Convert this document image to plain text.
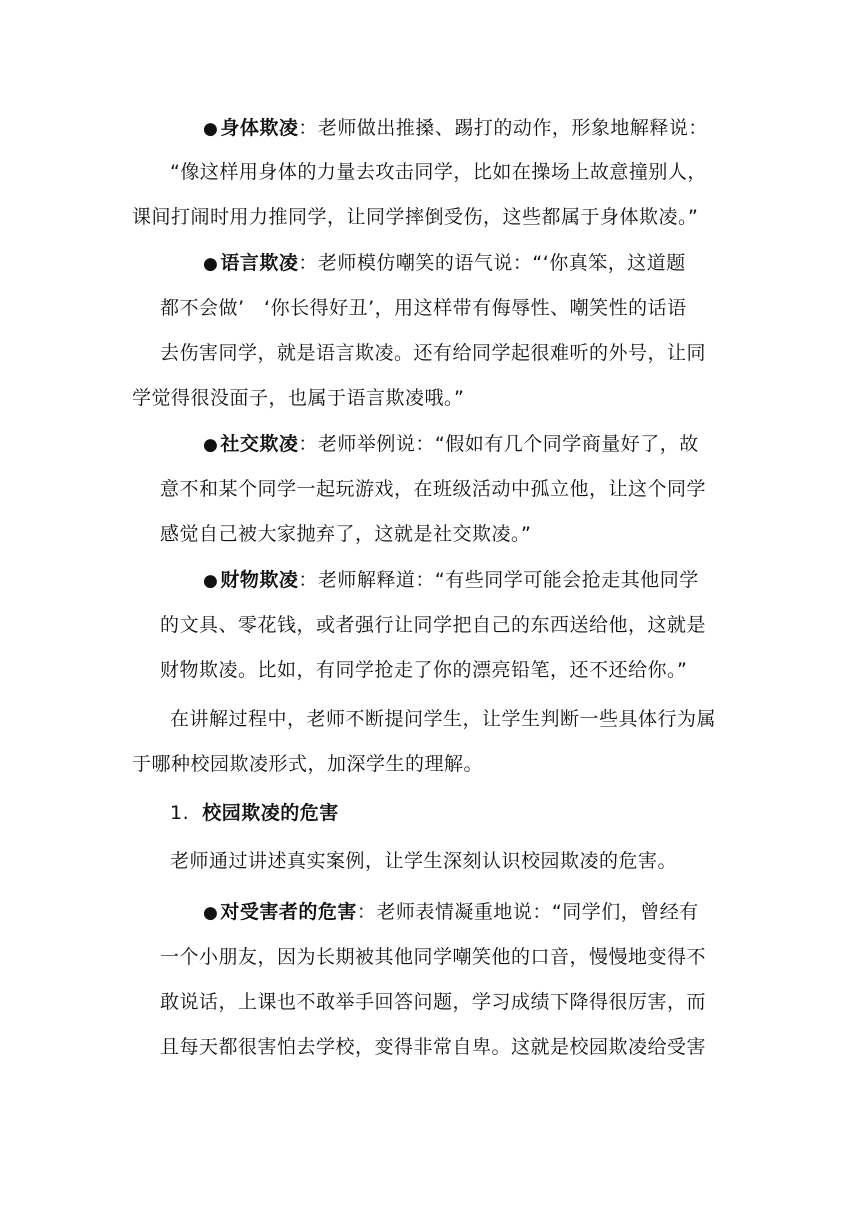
● 身体欺凌：老师做出推搡、踢打的动作，形象地解释说：
“像这样用身体的力量去攻击同学，比如在操场上故意撞别人，
课间打闹时用力推同学，让同学摔倒受伤，这些都属于身体欺凌。”
● 语言欺凌：老师模仿嘲笑的语气说：“‘你真笨，这道题
都不会做’　‘你长得好丑’，用这样带有侮辱性、嘲笑性的话语
去伤害同学，就是语言欺凌。还有给同学起很难听的外号，让同
学觉得很没面子，也属于语言欺凌哦。”
● 社交欺凌：老师举例说：“假如有几个同学商量好了，故
意不和某个同学一起玩游戏，在班级活动中孤立他，让这个同学
感觉自己被大家抛弃了，这就是社交欺凌。”
● 财物欺凌：老师解释道：“有些同学可能会抢走其他同学
的文具、零花钱，或者强行让同学把自己的东西送给他，这就是
财物欺凌。比如，有同学抢走了你的漂亮铅笔，还不还给你。”
在讲解过程中，老师不断提问学生，让学生判断一些具体行为属
于哪种校园欺凌形式，加深学生的理解。
1. 校园欺凌的危害
老师通过讲述真实案例，让学生深刻认识校园欺凌的危害。
● 对受害者的危害：老师表情凝重地说：“同学们，曾经有
一个小朋友，因为长期被其他同学嘲笑他的口音，慢慢地变得不
敢说话，上课也不敢举手回答问题，学习成绩下降得很厉害，而
且每天都很害怕去学校，变得非常自卑。这就是校园欺凌给受害
